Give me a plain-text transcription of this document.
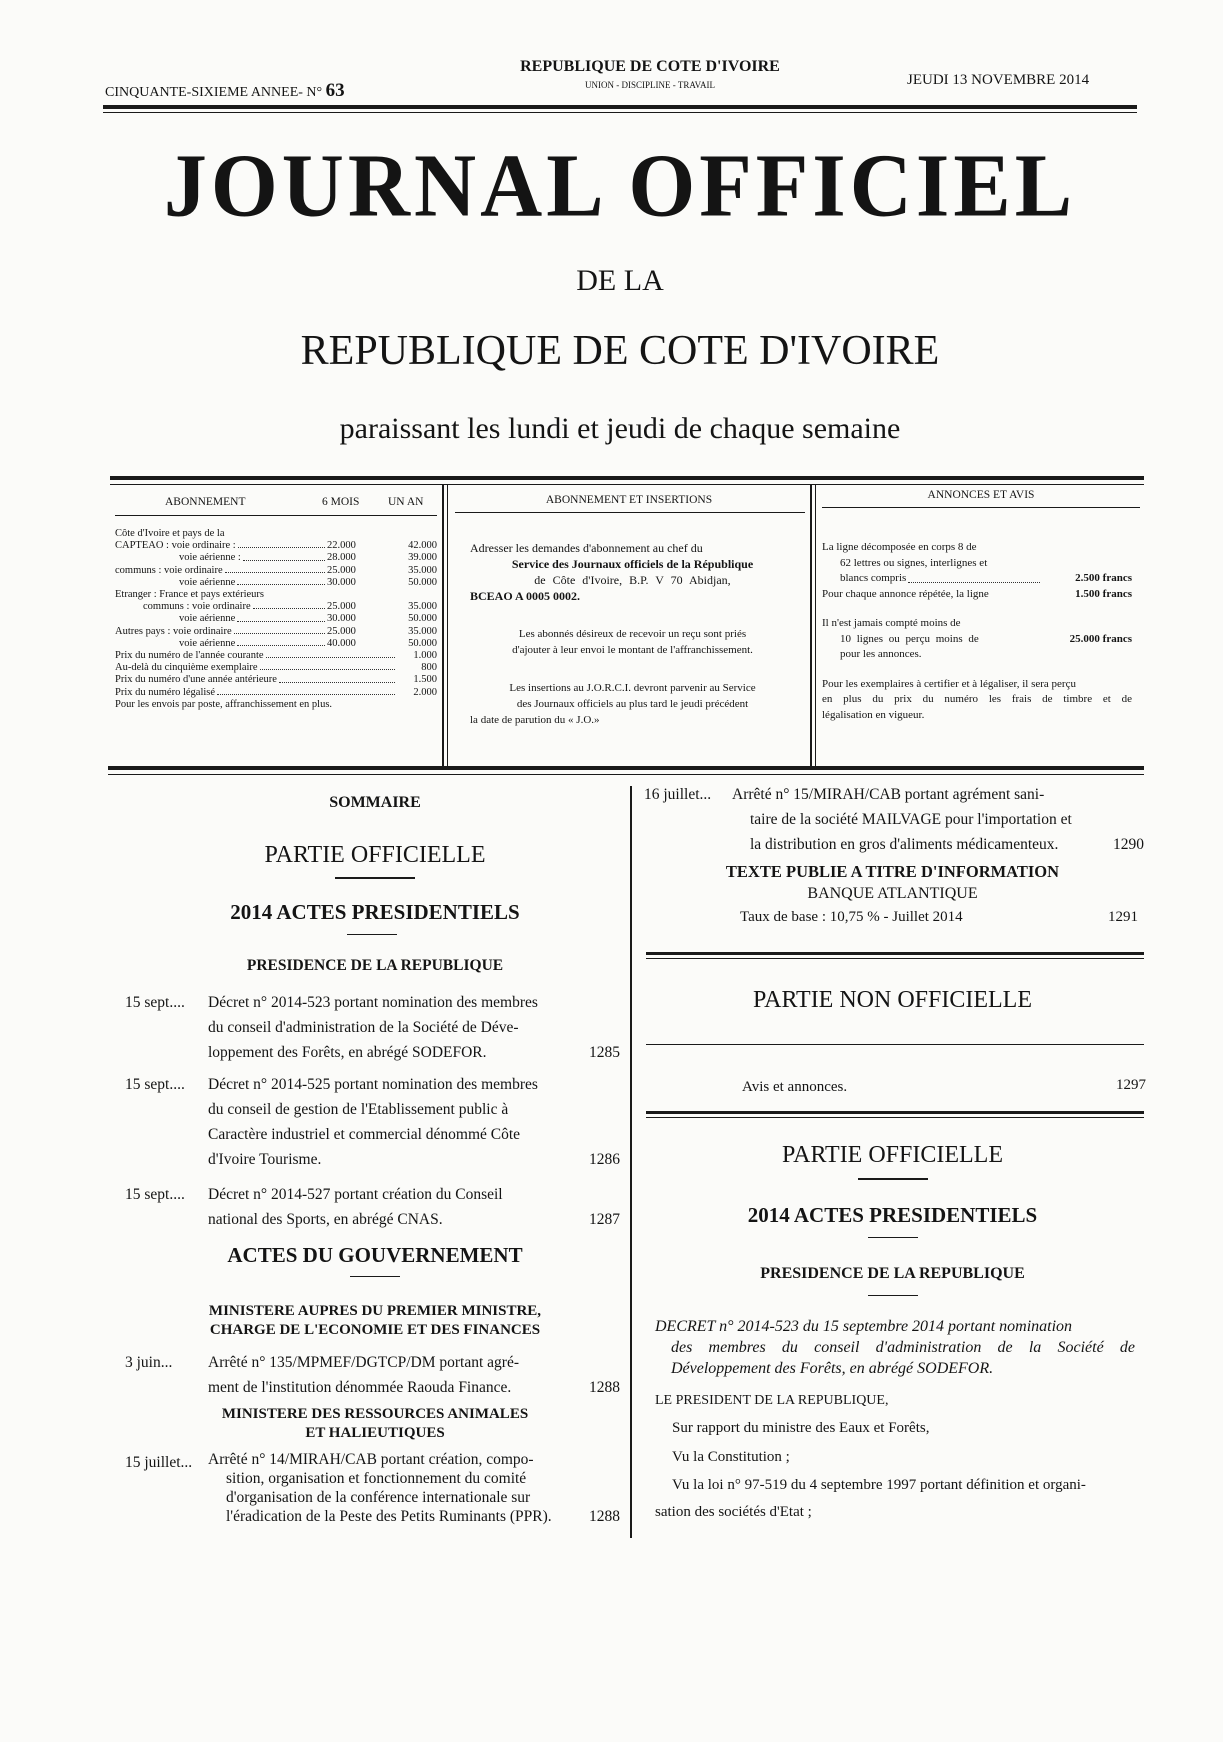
CINQUANTE-SIXIEME ANNEE- N° 63
REPUBLIQUE DE COTE D'IVOIRE
UNION - DISCIPLINE - TRAVAIL	JEUDI 13 NOVEMBRE 2014
JOURNAL OFFICIEL
DE LA
REPUBLIQUE DE COTE D'IVOIRE
paraissant les lundi et jeudi de chaque semaine
ABONNEMENT	6 MOIS UN AN
Côte d'Ivoire et pays de la
CAPTEAO : voie ordinaire :	22.000	42.000
voie aérienne :	28.000	39.000
communs : voie ordinaire	25.000	35.000
voie aérienne	30.000	50.000
Etranger : France et pays extérieurs
communs : voie ordinaire	25.000	35.000
voie aérienne	30.000	50.000
Autres pays : voie ordinaire	25.000	35.000
voie aérienne	40.000	50.000
Prix du numéro de l'année courante	1.000
Au-delà du cinquième exemplaire	800
Prix du numéro d'une année antérieure	1.500
Prix du numéro légalisé	2.000
Pour les envois par poste, affranchissement en plus.
ABONNEMENT ET INSERTIONS
Adresser les demandes d'abonnement au chef du
Service des Journaux officiels de la République
de Côte d'Ivoire, B.P. V 70 Abidjan,
BCEAO A 0005 0002.
Les abonnés désireux de recevoir un reçu sont priés
d'ajouter à leur envoi le montant de l'affranchissement.
Les insertions au J.O.R.C.I. devront parvenir au Service
des Journaux officiels au plus tard le jeudi précédent
la date de parution du « J.O.»
ANNONCES ET AVIS
La ligne décomposée en corps 8 de
62 lettres ou signes, interlignes et
blancs compris	2.500 francs
Pour chaque annonce répétée, la ligne	1.500 francs
Il n'est jamais compté moins de
10 lignes ou perçu moins de	25.000 francs
pour les annonces.
Pour les exemplaires à certifier et à légaliser, il sera perçu
en plus du prix du numéro les frais de timbre et de
légalisation en vigueur.
SOMMAIRE
PARTIE OFFICIELLE
2014 ACTES PRESIDENTIELS
PRESIDENCE DE LA REPUBLIQUE
15 sept.... Décret n° 2014-523 portant nomination des membres
du conseil d'administration de la Société de Déve-
loppement des Forêts, en abrégé SODEFOR.	1285
15 sept.... Décret n° 2014-525 portant nomination des membres
du conseil de gestion de l'Etablissement public à
Caractère industriel et commercial dénommé Côte
d'Ivoire Tourisme.	1286
15 sept.... Décret n° 2014-527 portant création du Conseil
national des Sports, en abrégé CNAS.	1287
ACTES DU GOUVERNEMENT
MINISTERE AUPRES DU PREMIER MINISTRE,
CHARGE DE L'ECONOMIE ET DES FINANCES
3 juin... Arrêté n° 135/MPMEF/DGTCP/DM portant agré-
ment de l'institution dénommée Raouda Finance.	1288
MINISTERE DES RESSOURCES ANIMALES
ET HALIEUTIQUES
15 juillet... Arrêté n° 14/MIRAH/CAB portant création, compo-
sition, organisation et fonctionnement du comité
d'organisation de la conférence internationale sur
l'éradication de la Peste des Petits Ruminants (PPR).	1288
16 juillet... Arrêté n° 15/MIRAH/CAB portant agrément sani-
taire de la société MAILVAGE pour l'importation et
la distribution en gros d'aliments médicamenteux.	1290
TEXTE PUBLIE A TITRE D'INFORMATION
BANQUE ATLANTIQUE
Taux de base : 10,75 % - Juillet 2014	1291
PARTIE NON OFFICIELLE
Avis et annonces.	1297
PARTIE OFFICIELLE
2014 ACTES PRESIDENTIELS
PRESIDENCE DE LA REPUBLIQUE
DECRET n° 2014-523 du 15 septembre 2014 portant nomination
des membres du conseil d'administration de la Société de
Développement des Forêts, en abrégé SODEFOR.
LE PRESIDENT DE LA REPUBLIQUE,
Sur rapport du ministre des Eaux et Forêts,
Vu la Constitution ;
Vu la loi n° 97-519 du 4 septembre 1997 portant définition et organi-
sation des sociétés d'Etat ;
